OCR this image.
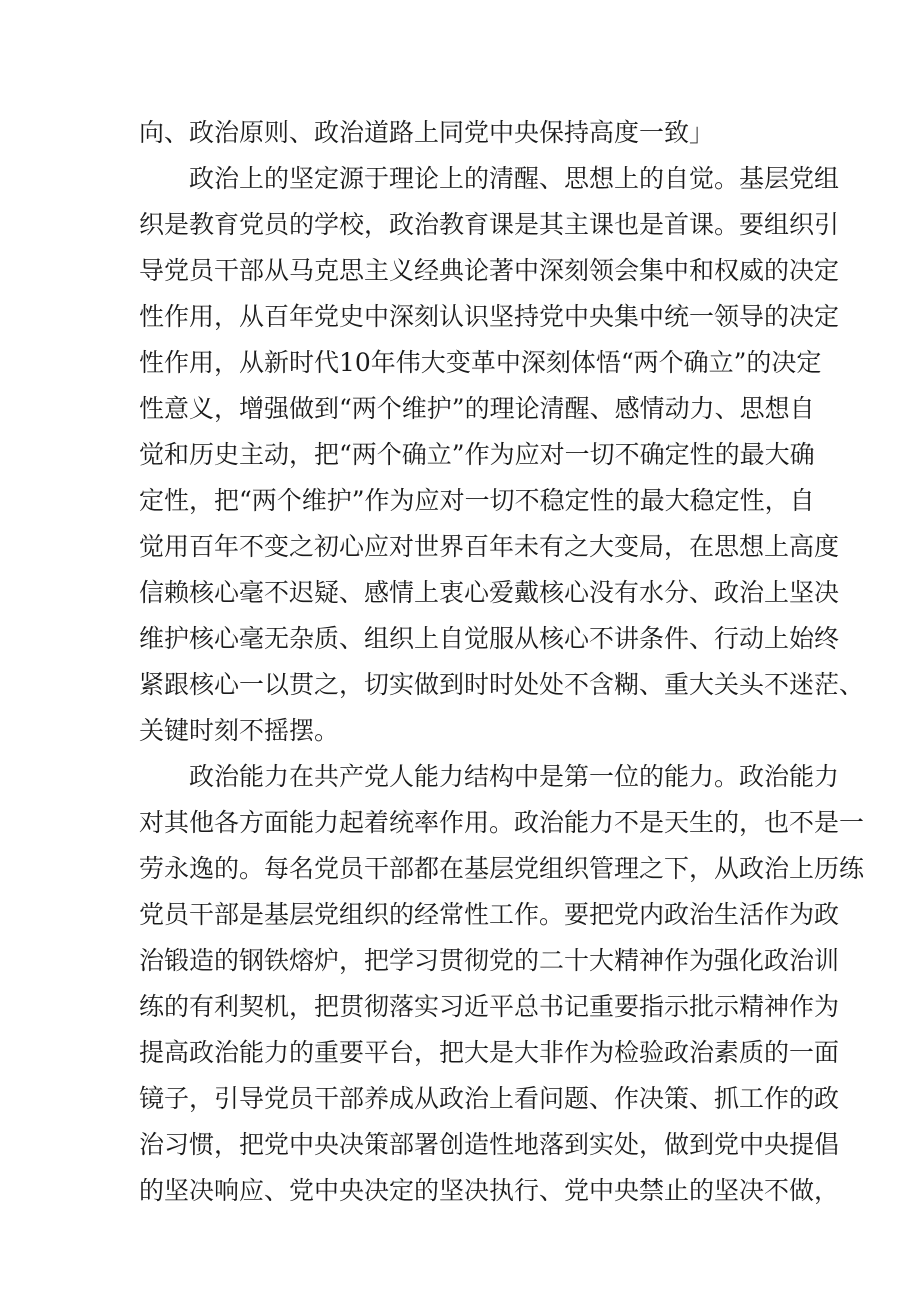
向、政治原则、政治道路上同党中央保持高度一致」
政治上的坚定源于理论上的清醒、思想上的自觉。基层党组
织是教育党员的学校，政治教育课是其主课也是首课。要组织引
导党员干部从马克思主义经典论著中深刻领会集中和权威的决定
性作用，从百年党史中深刻认识坚持党中央集中统一领导的决定
性作用，从新时代10年伟大变革中深刻体悟“两个确立”的决定
性意义，增强做到“两个维护”的理论清醒、感情动力、思想自
觉和历史主动，把“两个确立”作为应对一切不确定性的最大确
定性，把“两个维护”作为应对一切不稳定性的最大稳定性，自
觉用百年不变之初心应对世界百年未有之大变局，在思想上高度
信赖核心毫不迟疑、感情上衷心爱戴核心没有水分、政治上坚决
维护核心毫无杂质、组织上自觉服从核心不讲条件、行动上始终
紧跟核心一以贯之，切实做到时时处处不含糊、重大关头不迷茫、
关键时刻不摇摆。
政治能力在共产党人能力结构中是第一位的能力。政治能力
对其他各方面能力起着统率作用。政治能力不是天生的，也不是一
劳永逸的。每名党员干部都在基层党组织管理之下，从政治上历练
党员干部是基层党组织的经常性工作。要把党内政治生活作为政
治锻造的钢铁熔炉，把学习贯彻党的二十大精神作为强化政治训
练的有利契机，把贯彻落实习近平总书记重要指示批示精神作为
提高政治能力的重要平台，把大是大非作为检验政治素质的一面
镜子，引导党员干部养成从政治上看问题、作决策、抓工作的政
治习惯，把党中央决策部署创造性地落到实处，做到党中央提倡
的坚决响应、党中央决定的坚决执行、党中央禁止的坚决不做，
